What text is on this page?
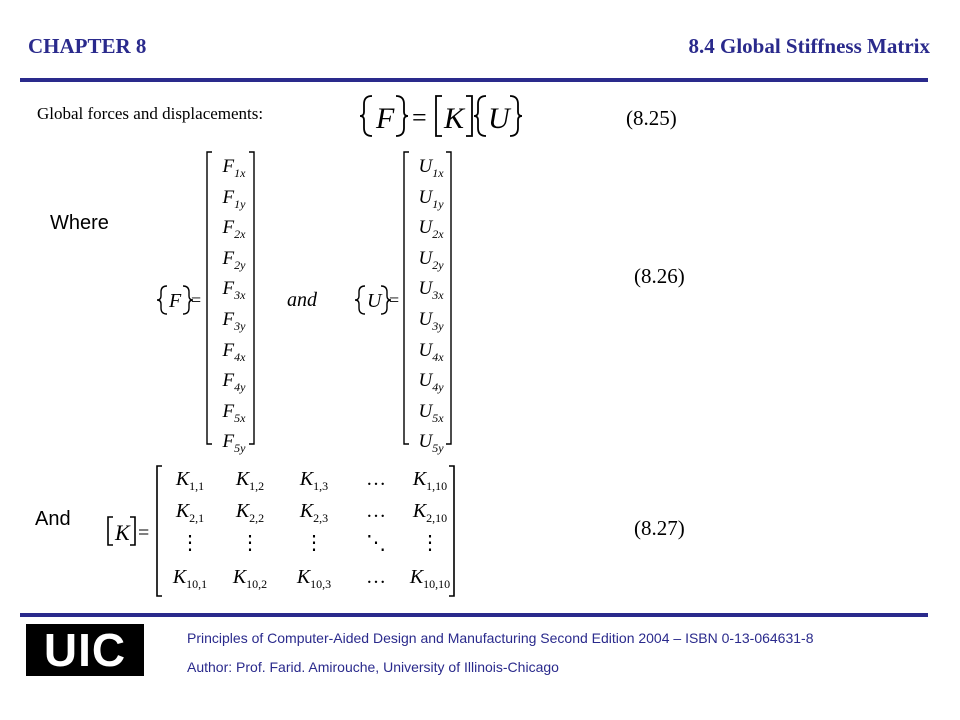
CHAPTER 8	8.4 Global Stiffness Matrix
Global forces and displacements:	F = K U	(8.25)
Where
F =	and	U =
$F_{1x}$
$F_{1y}$
$F_{2x}$
$F_{2y}$
$F_{3x}$
$F_{3y}$
$F_{4x}$
$F_{4y}$
$F_{5x}$
$F_{5y}$
$U_{1x}$
$U_{1y}$
$U_{2x}$
$U_{2y}$
$U_{3x}$
$U_{3y}$
$U_{4x}$
$U_{4y}$
$U_{5x}$
$U_{5y}$
(8.26)
And
K =
$K_{1,1}$	$K_{1,2}$	$K_{1,3}$	…	$K_{1,10}$
$K_{2,1}$	$K_{2,2}$	$K_{2,3}$	…	$K_{2,10}$
⋮	⋮	⋮	⋱	⋮
$K_{10,1}$	$K_{10,2}$	$K_{10,3}$	…	$K_{10,10}$
(8.27)
UIC	Principles of Computer-Aided Design and Manufacturing Second Edition 2004 – ISBN 0-13-064631-8
Author: Prof. Farid. Amirouche, University of Illinois-Chicago
